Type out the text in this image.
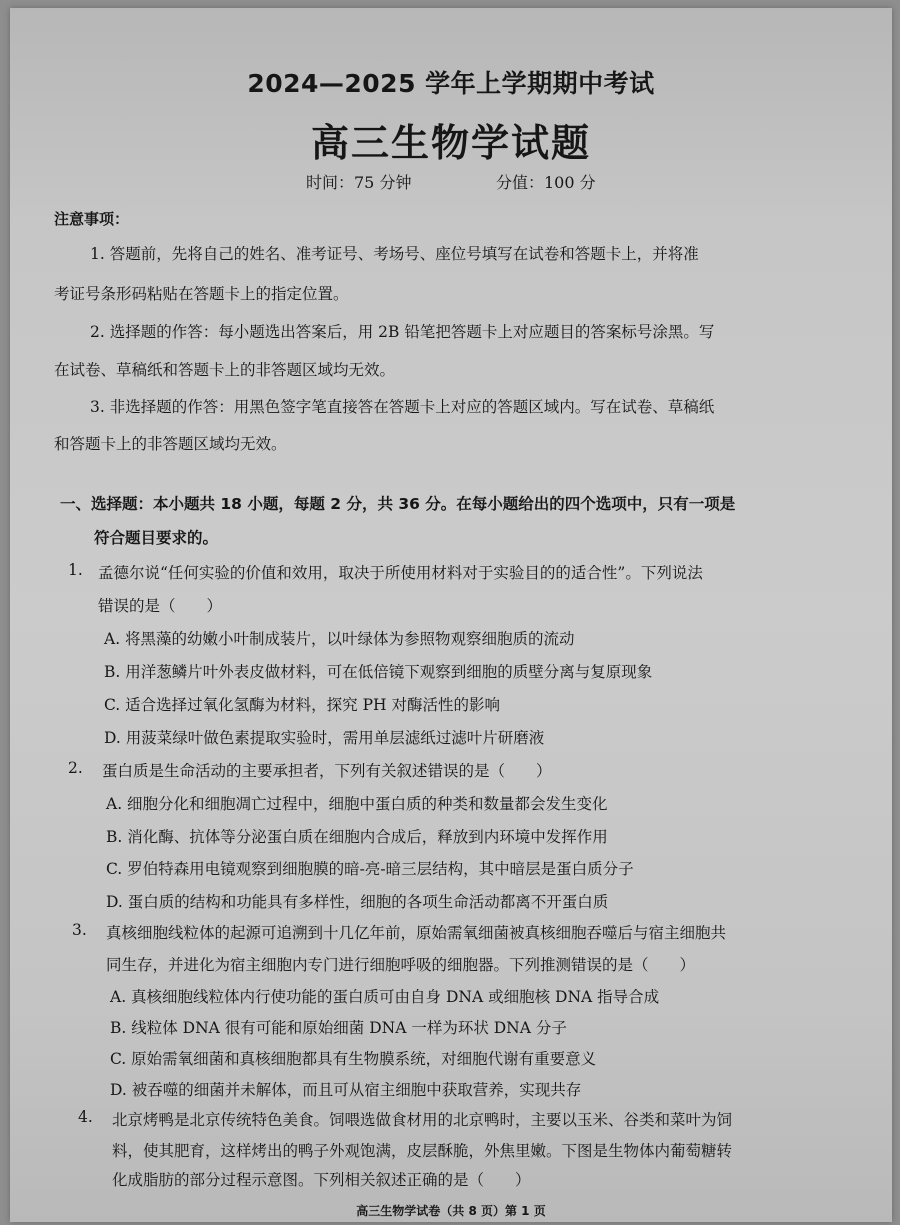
2024—2025 学年上学期期中考试
高三生物学试题
时间：75 分钟	分值：100 分
注意事项：
1. 答题前，先将自己的姓名、准考证号、考场号、座位号填写在试卷和答题卡上，并将准
考证号条形码粘贴在答题卡上的指定位置。
2. 选择题的作答：每小题选出答案后，用 2B 铅笔把答题卡上对应题目的答案标号涂黑。写
在试卷、草稿纸和答题卡上的非答题区域均无效。
3. 非选择题的作答：用黑色签字笔直接答在答题卡上对应的答题区域内。写在试卷、草稿纸
和答题卡上的非答题区域均无效。
一、选择题：本小题共 18 小题，每题 2 分，共 36 分。在每小题给出的四个选项中，只有一项是
符合题目要求的。
1. 孟德尔说“任何实验的价值和效用，取决于所使用材料对于实验目的的适合性”。下列说法
错误的是（　　）
A. 将黑藻的幼嫩小叶制成装片，以叶绿体为参照物观察细胞质的流动
B. 用洋葱鳞片叶外表皮做材料，可在低倍镜下观察到细胞的质壁分离与复原现象
C. 适合选择过氧化氢酶为材料，探究 PH 对酶活性的影响
D. 用菠菜绿叶做色素提取实验时，需用单层滤纸过滤叶片研磨液
2. 蛋白质是生命活动的主要承担者，下列有关叙述错误的是（　　）
A. 细胞分化和细胞凋亡过程中，细胞中蛋白质的种类和数量都会发生变化
B. 消化酶、抗体等分泌蛋白质在细胞内合成后，释放到内环境中发挥作用
C. 罗伯特森用电镜观察到细胞膜的暗-亮-暗三层结构，其中暗层是蛋白质分子
D. 蛋白质的结构和功能具有多样性，细胞的各项生命活动都离不开蛋白质
3. 真核细胞线粒体的起源可追溯到十几亿年前，原始需氧细菌被真核细胞吞噬后与宿主细胞共
同生存，并进化为宿主细胞内专门进行细胞呼吸的细胞器。下列推测错误的是（　　）
A. 真核细胞线粒体内行使功能的蛋白质可由自身 DNA 或细胞核 DNA 指导合成
B. 线粒体 DNA 很有可能和原始细菌 DNA 一样为环状 DNA 分子
C. 原始需氧细菌和真核细胞都具有生物膜系统，对细胞代谢有重要意义
D. 被吞噬的细菌并未解体，而且可从宿主细胞中获取营养，实现共存
4. 北京烤鸭是北京传统特色美食。饲喂选做食材用的北京鸭时，主要以玉米、谷类和菜叶为饲
料，使其肥育，这样烤出的鸭子外观饱满，皮层酥脆，外焦里嫩。下图是生物体内葡萄糖转
化成脂肪的部分过程示意图。下列相关叙述正确的是（　　）
高三生物学试卷（共 8 页）第 1 页
